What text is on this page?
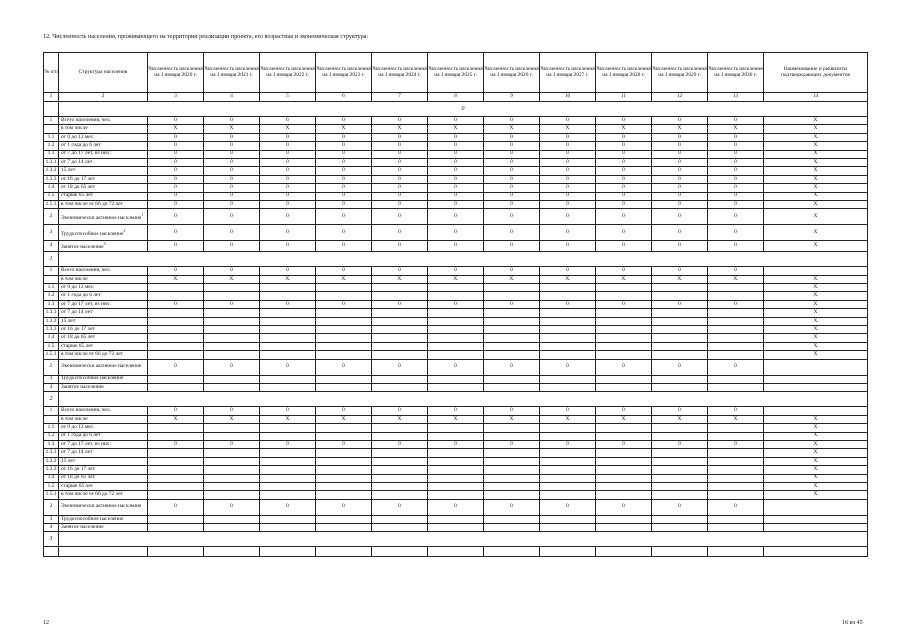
12. Численность населения, проживающего на территории реализации проекта, его возрастная и экономическая структура:
№ п/п	Структура населения	Численность населения на 1 января 2020 г.	Численность населения на 1 января 2021 г.	Численность населения на 1 января 2022 г.	Численность населения на 1 января 2023 г.	Численность населения на 1 января 2024 г.	Численность населения на 1 января 2025 г.	Численность населения на 1 января 2026 г.	Численность населения на 1 января 2027 г.	Численность населения на 1 января 2028 г.	Численность населения на 1 января 2029 г.	Численность населения на 1 января 2030 г.	Наименование и реквизиты подтверждающих документов
1	2	3	4	5	6	7	8	9	10	11	12	13	14
	0												
1	Всего населения, чел.	0	0	6	0	0	0	0	0	0	0	0	X
	в том числе	X	X	X	X	X	X	X	X	X	X	X	X
1.1	от 0 до 12 мес.	0	0	0	0	0	0	0	0	0	0	0	X
1.2	от 1 года до 6 лет	0	0	0	0	0	0	0	0	0	0	0	X
1.3	от 7 до 17 лет, из них:	0	0	0	0	0	0	0	0	0	0	0	X
1.3.1	от 7 до 14 лет	0	0	0	0	0	0	0	0	0	0	0	X
1.3.2	15 лет	0	0	0	0	0	0	0	0	0	0	0	X
1.3.3	от 16 до 17 лет	0	0	0	0	0	0	0	0	0	0	0	X
1.4	от 18 до 65 лет	0	0	0	0	0	0	0	0	0	0	0	X
1.5	старше 65 лет	0	0	0	0	0	0	0	0	0	0	0	X
1.5.1	в том числе от 66 до 72 лет	0	0	0	0	0	0	0	0	0	0	0	X
2	Экономически активное население$^1$	0	0	0	0	0	0	0	0	0	0	0	X
3	Трудоспособное население$^2$	0	0	0	0	0	0	0	0	0	0	0	X
4	Занятое население$^3$	0	0	0	0	0	0	0	0	0	0	0	X
1													
1	Всего населения, чел.	0	0	0	0	0	0	0	0	0	0	0	
	в том числе	X	X	X	X	X	X	X	X	X	X	X	X
1.1	от 0 до 12 мес.												X
1.2	от 1 года до 6 лет												X
1.3	от 7 до 17 лет, из них:	0	0	0	0	0	0	0	0	0	0	0	X
1.3.1	от 7 до 14 лет												X
1.3.2	15 лет												X
1.3.3	от 16 до 17 лет												X
1.4	от 18 до 65 лет												X
1.5	старше 65 лет												X
1.5.1	в том числе от 66 до 72 лет												X
2	Экономически активное население	0	0	0	0	0	0	0	0	0	0	0	
3	Трудоспособное население												
4	Занятое население												
2													
1	Всего населения, чел.	0	0	0	0	0	0	0	0	0	0	0	
	в том числе	X	X	X	X	X	X	X	X	X	X	X	X
1.1	от 0 до 12 мес.												X
1.2	от 1 года до 6 лет												X
1.3	от 7 до 17 лет, из них:	0	0	0	0	0	0	0	0	0	0	0	X
1.3.1	от 7 до 14 лет												X
1.3.2	15 лет												X
1.3.3	от 16 до 17 лет												X
1.4	от 18 до 65 лет												X
1.5	старше 65 лет												X
1.5.1	в том числе от 66 до 72 лет												X
2	Экономически активное население	0	0	0	0	0	0	0	0	0	0	0	
3	Трудоспособное население												
4	Занятое население												
3													

12	16 из 45
